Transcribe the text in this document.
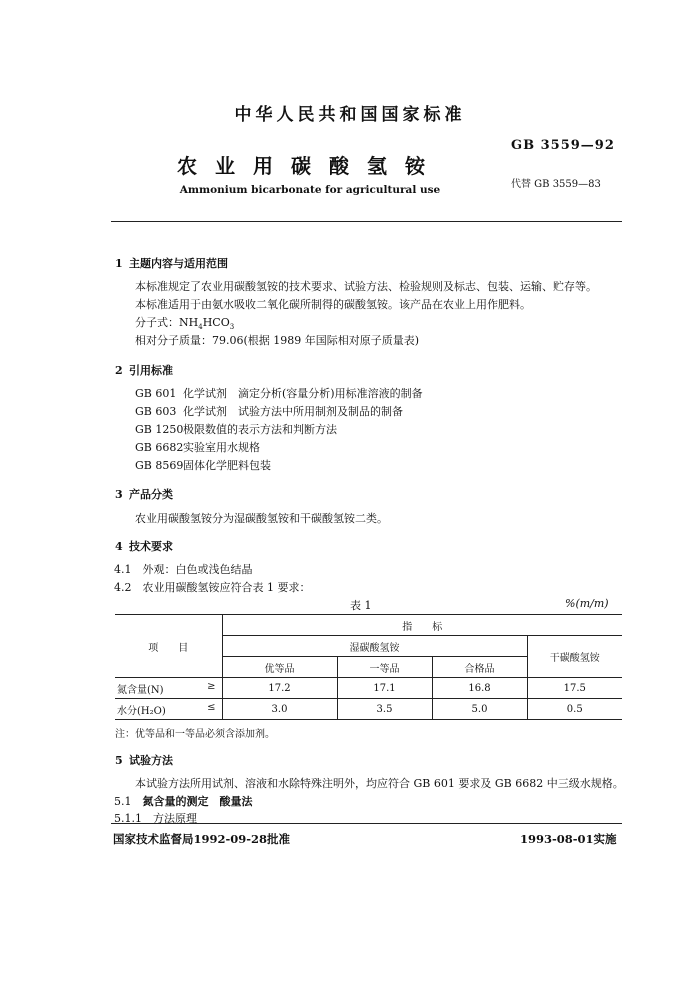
中华人民共和国国家标准
GB 3559—92
农业用碳酸氢铵
代替 GB 3559—83
Ammonium bicarbonate for agricultural use
1 主题内容与适用范围
本标准规定了农业用碳酸氢铵的技术要求、试验方法、检验规则及标志、包装、运输、贮存等。
本标准适用于由氨水吸收二氧化碳所制得的碳酸氢铵。该产品在农业上用作肥料。
分子式：$NH_4HCO_3$
相对分子质量：79.06(根据 1989 年国际相对原子质量表)
2 引用标准
GB 601 化学试剂　滴定分析(容量分析)用标准溶液的制备
GB 603 化学试剂　试验方法中所用制剂及制品的制备
GB 1250极限数值的表示方法和判断方法
GB 6682实验室用水规格
GB 8569固体化学肥料包装
3 产品分类
农业用碳酸氢铵分为湿碳酸氢铵和干碳酸氢铵二类。
4 技术要求
4.1　外观：白色或浅色结晶
4.2　农业用碳酸氢铵应符合表 1 要求：
表 1	%(m/m)
项　　目	指　　标			
	湿碳酸氢铵			干碳酸氢铵
	优等品	一等品	合格品	

氮含量(N) ≥	17.2	17.1	16.8	17.5

水分(H₂O) ≤	3.0	3.5	5.0	0.5
注：优等品和一等品必须含添加剂。
5 试验方法
本试验方法所用试剂、溶液和水除特殊注明外，均应符合 GB 601 要求及 GB 6682 中三级水规格。
5.1　 氮含量的测定　酸量法
5.1.1　方法原理
国家技术监督局1992-09-28批准	1993-08-01实施
